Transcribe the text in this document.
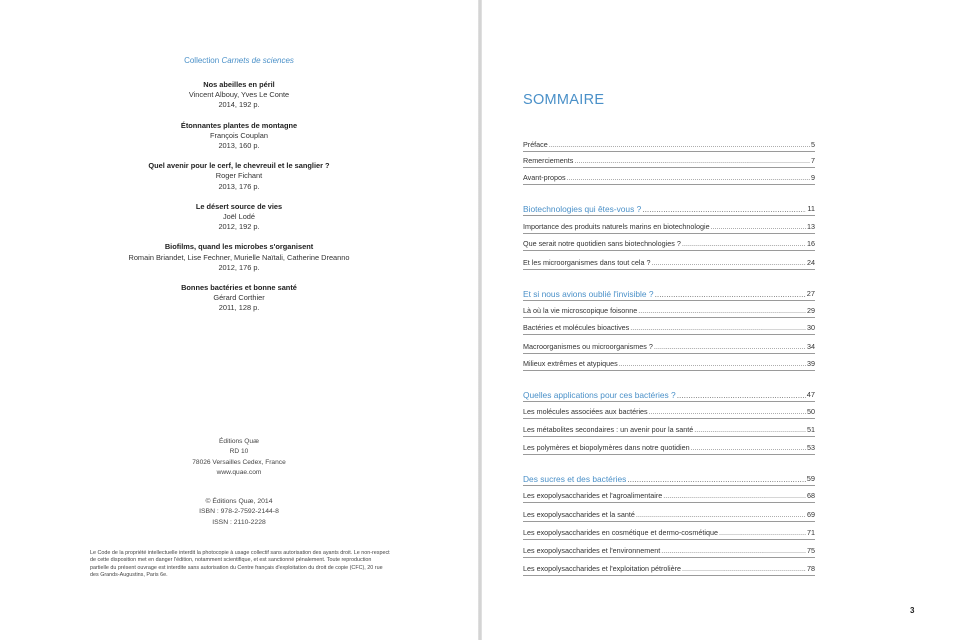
Collection Carnets de sciences
Nos abeilles en péril
Vincent Albouy, Yves Le Conte
2014, 192 p.
Étonnantes plantes de montagne
François Couplan
2013, 160 p.
Quel avenir pour le cerf, le chevreuil et le sanglier ?
Roger Fichant
2013, 176 p.
Le désert source de vies
Joël Lodé
2012, 192 p.
Biofilms, quand les microbes s'organisent
Romain Briandet, Lise Fechner, Murielle Naïtali, Catherine Dreanno
2012, 176 p.
Bonnes bactéries et bonne santé
Gérard Corthier
2011, 128 p.
Éditions Quæ
RD 10
78026 Versailles Cedex, France
www.quae.com
© Éditions Quæ, 2014
ISBN : 978-2-7592-2144-8
ISSN : 2110-2228
Le Code de la propriété intellectuelle interdit la photocopie à usage collectif sans autorisation des ayants droit. Le non-respect de cette disposition met en danger l'édition, notamment scientifique, et est sanctionné pénalement. Toute reproduction partielle du présent ouvrage est interdite sans autorisation du Centre français d'exploitation du droit de copie (CFC), 20 rue des Grands-Augustins, Paris 6e.
SOMMAIRE
Préface .....	5
Remerciements .....	7
Avant-propos .....	9
Biotechnologies qui êtes-vous ? .....	11
Importance des produits naturels marins en biotechnologie .....	13
Que serait notre quotidien sans biotechnologies ? .....	16
Et les microorganismes dans tout cela ? .....	24
Et si nous avions oublié l'invisible ? .....	27
Là où la vie microscopique foisonne .....	29
Bactéries et molécules bioactives .....	30
Macroorganismes ou microorganismes ? .....	34
Milieux extrêmes et atypiques .....	39
Quelles applications pour ces bactéries ? .....	47
Les molécules associées aux bactéries .....	50
Les métabolites secondaires : un avenir pour la santé .....	51
Les polymères et biopolymères dans notre quotidien .....	53
Des sucres et des bactéries .....	59
Les exopolysaccharides et l'agroalimentaire .....	68
Les exopolysaccharides et la santé .....	69
Les exopolysaccharides en cosmétique et dermo-cosmétique .....	71
Les exopolysaccharides et l'environnement .....	75
Les exopolysaccharides et l'exploitation pétrolière .....	78
3
